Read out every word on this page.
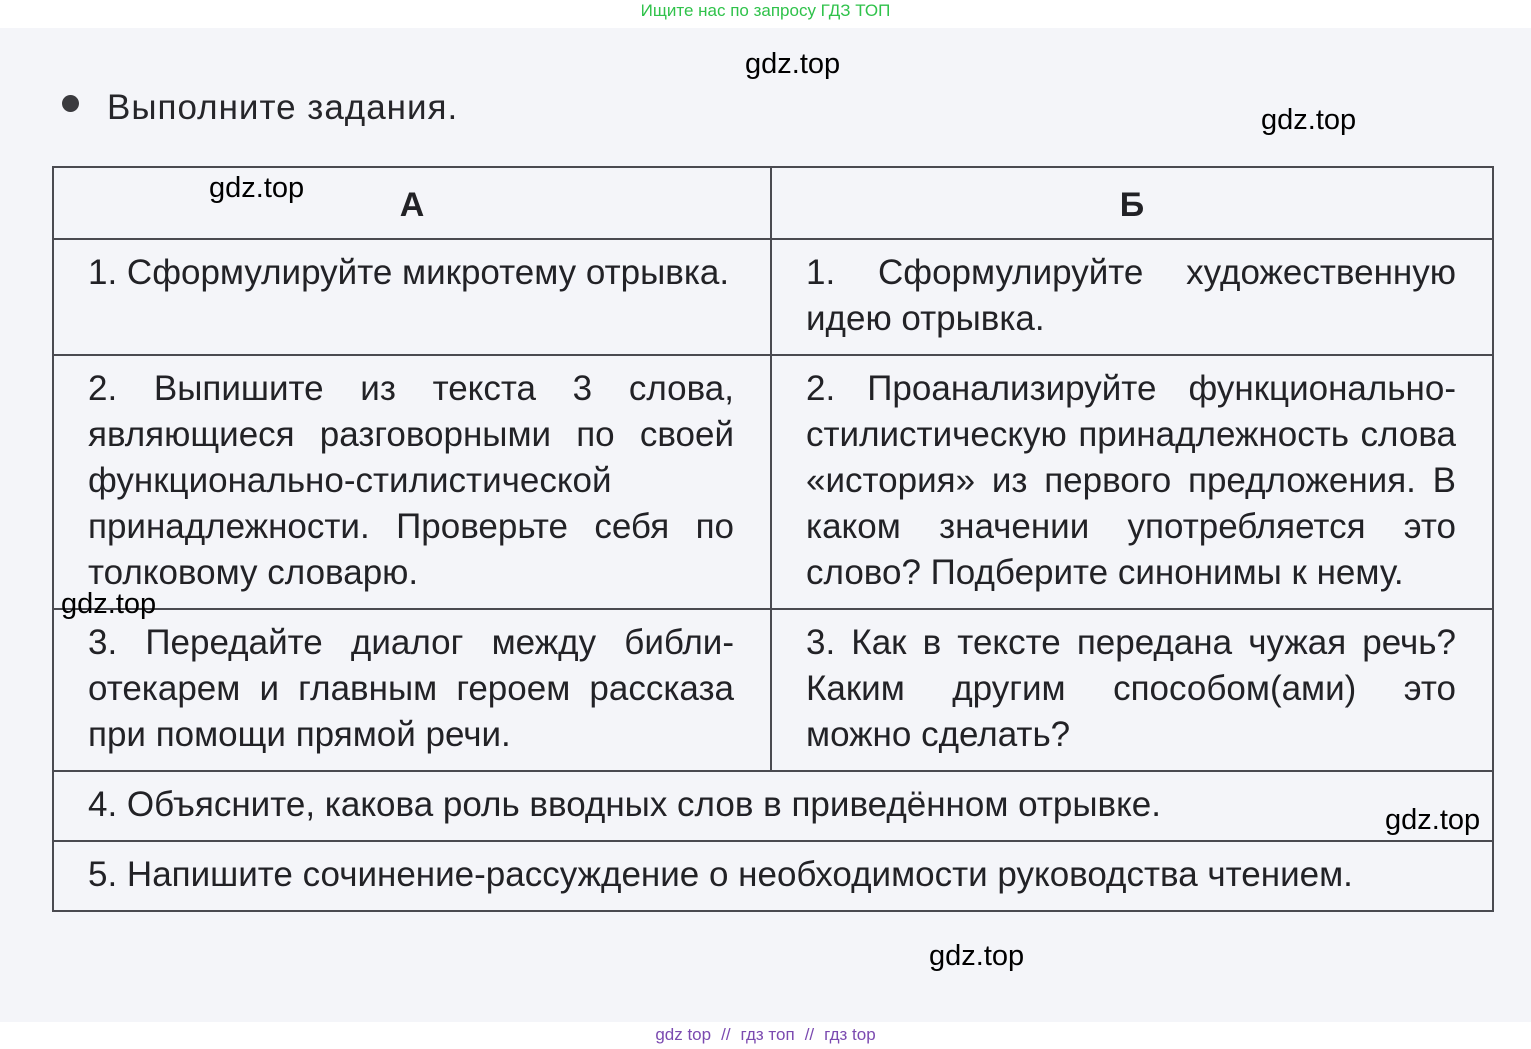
Ищите нас по запросу ГДЗ ТОП
gdz.top
gdz.top
Выполните задания.
А	Б
1. Сформулируйте микротему отрывка.	1. Сформулируйте художественную идею отрывка.
2. Выпишите из текста 3 слова, являющиеся разговорными по своей функционально-стилистической принадлежности. Проверьте себя по толковому словарю.	2. Проанализируйте функционально-стилистическую принадлежность слова «история» из первого предложения. В каком значении употребляется это слово? Подберите синонимы к нему.
3. Передайте диалог между библиотекарем и главным героем рассказа при помощи прямой речи.	3. Как в тексте передана чужая речь? Каким другим способом(ами) это можно сделать?
4. Объясните, какова роль вводных слов в приведённом отрывке.	
5. Напишите сочинение-рассуждение о необходимости руководства чтением.	
gdz.top
gdz.top
gdz.top
gdz.top
gdz top // гдз топ // гдз top
